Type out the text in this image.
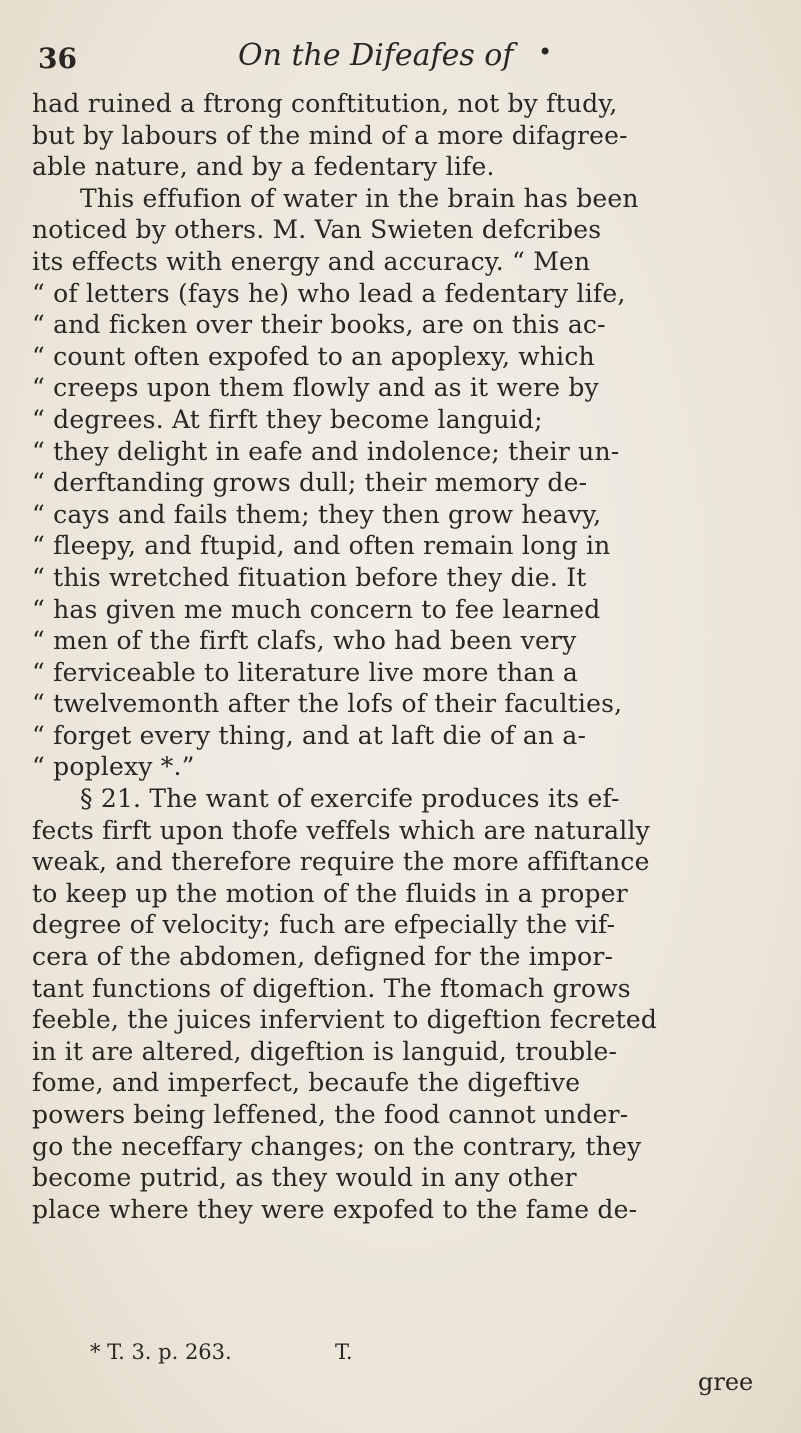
36	On the Difeafes of •
had ruined a ftrong conftitution, not by ftudy,
but by labours of the mind of a more difagree-
able nature, and by a fedentary life.
This effufion of water in the brain has been
noticed by others. M. Van Swieten defcribes
its effects with energy and accuracy. “ Men
“ of letters (fays he) who lead a fedentary life,
“ and ficken over their books, are on this ac-
“ count often expofed to an apoplexy, which
“ creeps upon them flowly and as it were by
“ degrees. At firft they become languid;
“ they delight in eafe and indolence; their un-
“ derftanding grows dull; their memory de-
“ cays and fails them; they then grow heavy,
“ fleepy, and ftupid, and often remain long in
“ this wretched fituation before they die. It
“ has given me much concern to fee learned
“ men of the firft clafs, who had been very
“ ferviceable to literature live more than a
“ twelvemonth after the lofs of their faculties,
“ forget every thing, and at laft die of an a-
“ poplexy *.”
§ 21. The want of exercife produces its ef-
fects firft upon thofe veffels which are naturally
weak, and therefore require the more affiftance
to keep up the motion of the fluids in a proper
degree of velocity; fuch are efpecially the vif-
cera of the abdomen, defigned for the impor-
tant functions of digeftion. The ftomach grows
feeble, the juices infervient to digeftion fecreted
in it are altered, digeftion is languid, trouble-
fome, and imperfect, becaufe the digeftive
powers being leffened, the food cannot under-
go the neceffary changes; on the contrary, they
become putrid, as they would in any other
place where they were expofed to the fame de-
* T. 3. p. 263.	T.
gree
